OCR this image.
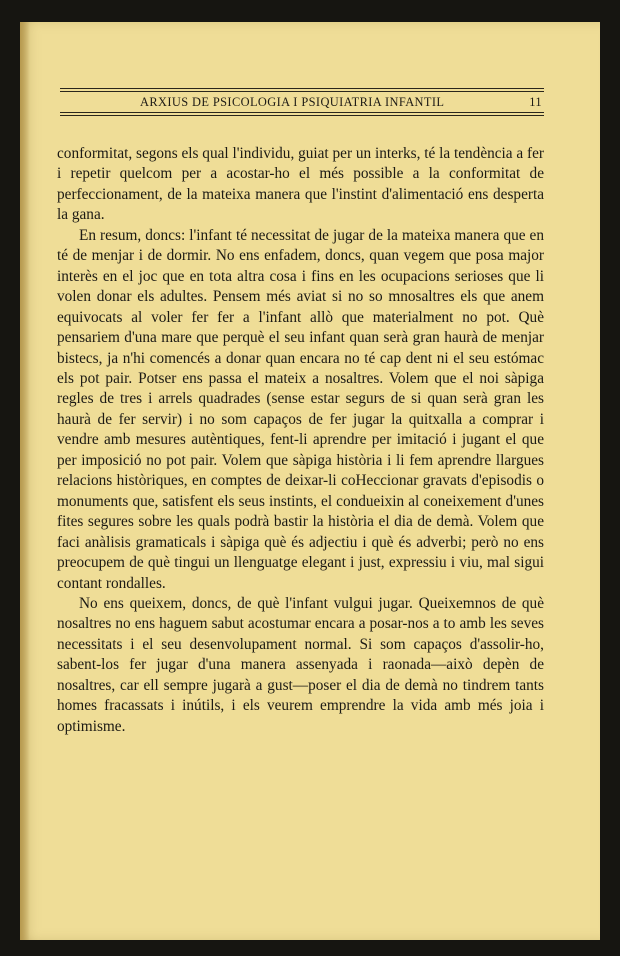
ARXIUS DE PSICOLOGIA I PSIQUIATRIA INFANTIL	11

conformitat, segons els qual l'individu, guiat per un interks, té la tendència a fer i repetir quelcom per a acostar-ho el més possible a la conformitat de perfeccionament, de la mateixa manera que l'instint d'alimentació ens desperta la gana.

En resum, doncs: l'infant té necessitat de jugar de la mateixa manera que en té de menjar i de dormir. No ens enfadem, doncs, quan vegem que posa major interès en el joc que en tota altra cosa i fins en les ocupacions serioses que li volen donar els adultes. Pensem més aviat si no so mnosaltres els que anem equivocats al voler fer fer a l'infant allò que materialment no pot. Què pensariem d'una mare que perquè el seu infant quan serà gran haurà de menjar bistecs, ja n'hi comencés a donar quan encara no té cap dent ni el seu estómac els pot pair. Potser ens passa el mateix a nosaltres. Volem que el noi sàpiga regles de tres i arrels quadrades (sense estar segurs de si quan serà gran les haurà de fer servir) i no som capaços de fer jugar la quitxalla a comprar i vendre amb mesures autèntiques, fent-li aprendre per imitació i jugant el que per imposició no pot pair. Volem que sàpiga història i li fem aprendre llargues relacions històriques, en comptes de deixar-li coHeccionar gravats d'episodis o monuments que, satisfent els seus instints, el condueixin al coneixement d'unes fites segures sobre les quals podrà bastir la història el dia de demà. Volem que faci anàlisis gramaticals i sàpiga què és adjectiu i què és adverbi; però no ens preocupem de què tingui un llenguatge elegant i just, expressiu i viu, mal sigui contant rondalles.

No ens queixem, doncs, de què l'infant vulgui jugar. Queixemnos de què nosaltres no ens haguem sabut acostumar encara a posar-nos a to amb les seves necessitats i el seu desenvolupament normal. Si som capaços d'assolir-ho, sabent-los fer jugar d'una manera assenyada i raonada—això depèn de nosaltres, car ell sempre jugarà a gust—poser el dia de demà no tindrem tants homes fracassats i inútils, i els veurem emprendre la vida amb més joia i optimisme.
